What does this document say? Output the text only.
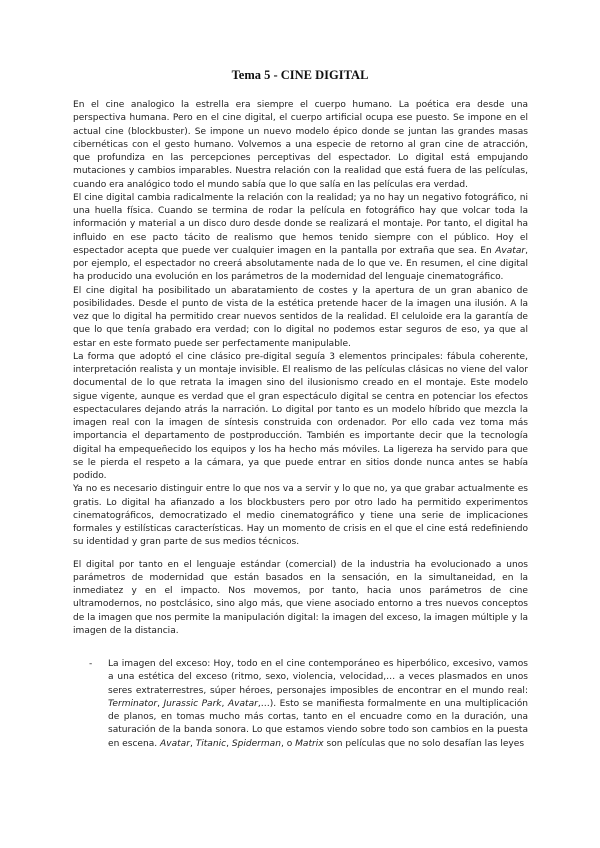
Tema 5 - CINE DIGITAL

En el cine analogico la estrella era siempre el cuerpo humano. La poética era desde una perspectiva humana. Pero en el cine digital, el cuerpo artificial ocupa ese puesto. Se impone en el actual cine (blockbuster). Se impone un nuevo modelo épico donde se juntan las grandes masas cibernéticas con el gesto humano. Volvemos a una especie de retorno al gran cine de atracción, que profundiza en las percepciones perceptivas del espectador. Lo digital está empujando mutaciones y cambios imparables. Nuestra relación con la realidad que está fuera de las películas, cuando era analógico todo el mundo sabía que lo que salía en las películas era verdad.

El cine digital cambia radicalmente la relación con la realidad; ya no hay un negativo fotográfico, ni una huella física. Cuando se termina de rodar la película en fotográfico hay que volcar toda la información y material a un disco duro desde donde se realizará el montaje. Por tanto, el digital ha influido en ese pacto tácito de realismo que hemos tenido siempre con el público. Hoy el espectador acepta que puede ver cualquier imagen en la pantalla por extraña que sea. En Avatar, por ejemplo, el espectador no creerá absolutamente nada de lo que ve. En resumen, el cine digital ha producido una evolución en los parámetros de la modernidad del lenguaje cinematográfico.

El cine digital ha posibilitado un abaratamiento de costes y la apertura de un gran abanico de posibilidades. Desde el punto de vista de la estética pretende hacer de la imagen una ilusión. A la vez que lo digital ha permitido crear nuevos sentidos de la realidad. El celuloide era la garantía de que lo que tenía grabado era verdad; con lo digital no podemos estar seguros de eso, ya que al estar en este formato puede ser perfectamente manipulable.

La forma que adoptó el cine clásico pre-digital seguía 3 elementos principales: fábula coherente, interpretación realista y un montaje invisible. El realismo de las películas clásicas no viene del valor documental de lo que retrata la imagen sino del ilusionismo creado en el montaje. Este modelo sigue vigente, aunque es verdad que el gran espectáculo digital se centra en potenciar los efectos espectaculares dejando atrás la narración. Lo digital por tanto es un modelo híbrido que mezcla la imagen real con la imagen de síntesis construida con ordenador. Por ello cada vez toma más importancia el departamento de postproducción. También es importante decir que la tecnología digital ha empequeñecido los equipos y los ha hecho más móviles. La ligereza ha servido para que se le pierda el respeto a la cámara, ya que puede entrar en sitios donde nunca antes se había podido.

Ya no es necesario distinguir entre lo que nos va a servir y lo que no, ya que grabar actualmente es gratis. Lo digital ha afianzado a los blockbusters pero por otro lado ha permitido experimentos cinematográficos, democratizado el medio cinematográfico y tiene una serie de implicaciones formales y estilísticas características. Hay un momento de crisis en el que el cine está redefiniendo su identidad y gran parte de sus medios técnicos.

El digital por tanto en el lenguaje estándar (comercial) de la industria ha evolucionado a unos parámetros de modernidad que están basados en la sensación, en la simultaneidad, en la inmediatez y en el impacto. Nos movemos, por tanto, hacia unos parámetros de cine ultramodernos, no postclásico, sino algo más, que viene asociado entorno a tres nuevos conceptos de la imagen que nos permite la manipulación digital: la imagen del exceso, la imagen múltiple y la imagen de la distancia.

- La imagen del exceso: Hoy, todo en el cine contemporáneo es hiperbólico, excesivo, vamos a una estética del exceso (ritmo, sexo, violencia, velocidad,… a veces plasmados en unos seres extraterrestres, súper héroes, personajes imposibles de encontrar en el mundo real: Terminator, Jurassic Park, Avatar,…). Esto se manifiesta formalmente en una multiplicación de planos, en tomas mucho más cortas, tanto en el encuadre como en la duración, una saturación de la banda sonora. Lo que estamos viendo sobre todo son cambios en la puesta en escena. Avatar, Titanic, Spiderman, o Matrix son películas que no solo desafían las leyes
